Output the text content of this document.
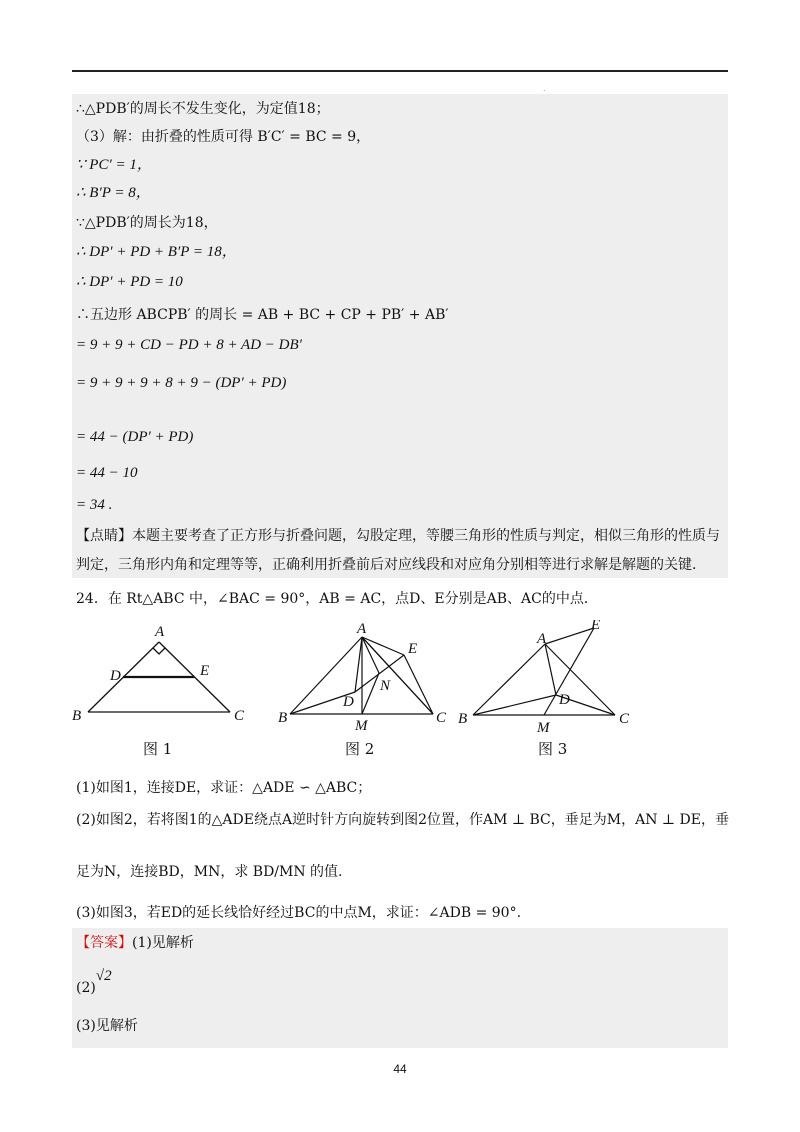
.
∴△PDB′的周长不发生变化，为定值18；
（3）解：由折叠的性质可得 B′C′ = BC = 9，
∵ PC′ = 1，
∴ B′P = 8，
∵△PDB′的周长为18，
∴ DP′ + PD + B′P = 18，
∴ DP′ + PD = 10
∴五边形 ABCPB′ 的周长 = AB + BC + CP + PB′ + AB′
= 9 + 9 + CD − PD + 8 + AD − DB′
= 9 + 9 + 9 + 8 + 9 − (DP′ + PD)
= 44 − (DP′ + PD)
= 44 − 10
= 34 .
【点睛】本题主要考查了正方形与折叠问题，勾股定理，等腰三角形的性质与判定，相似三角形的性质与判定，三角形内角和定理等等，正确利用折叠前后对应线段和对应角分别相等进行求解是解题的关键.
24．在 Rt△ABC 中，∠BAC = 90°，AB = AC，点D、E分别是AB、AC的中点．
A
B	C
D	E
A
B	C
D
E
M
N
A
B	C
D
E
M
图 1	图 2	图 3
(1)如图1，连接DE，求证：△ADE ∽ △ABC；
(2)如图2，若将图1的△ADE绕点A逆时针方向旋转到图2位置，作AM ⊥ BC，垂足为M，AN ⊥ DE，垂
足为N，连接BD，MN，求 BD/MN 的值.
(3)如图3，若ED的延长线恰好经过BC的中点M，求证：∠ADB = 90°.
【答案】(1)见解析
(2)√2
(3)见解析
44
